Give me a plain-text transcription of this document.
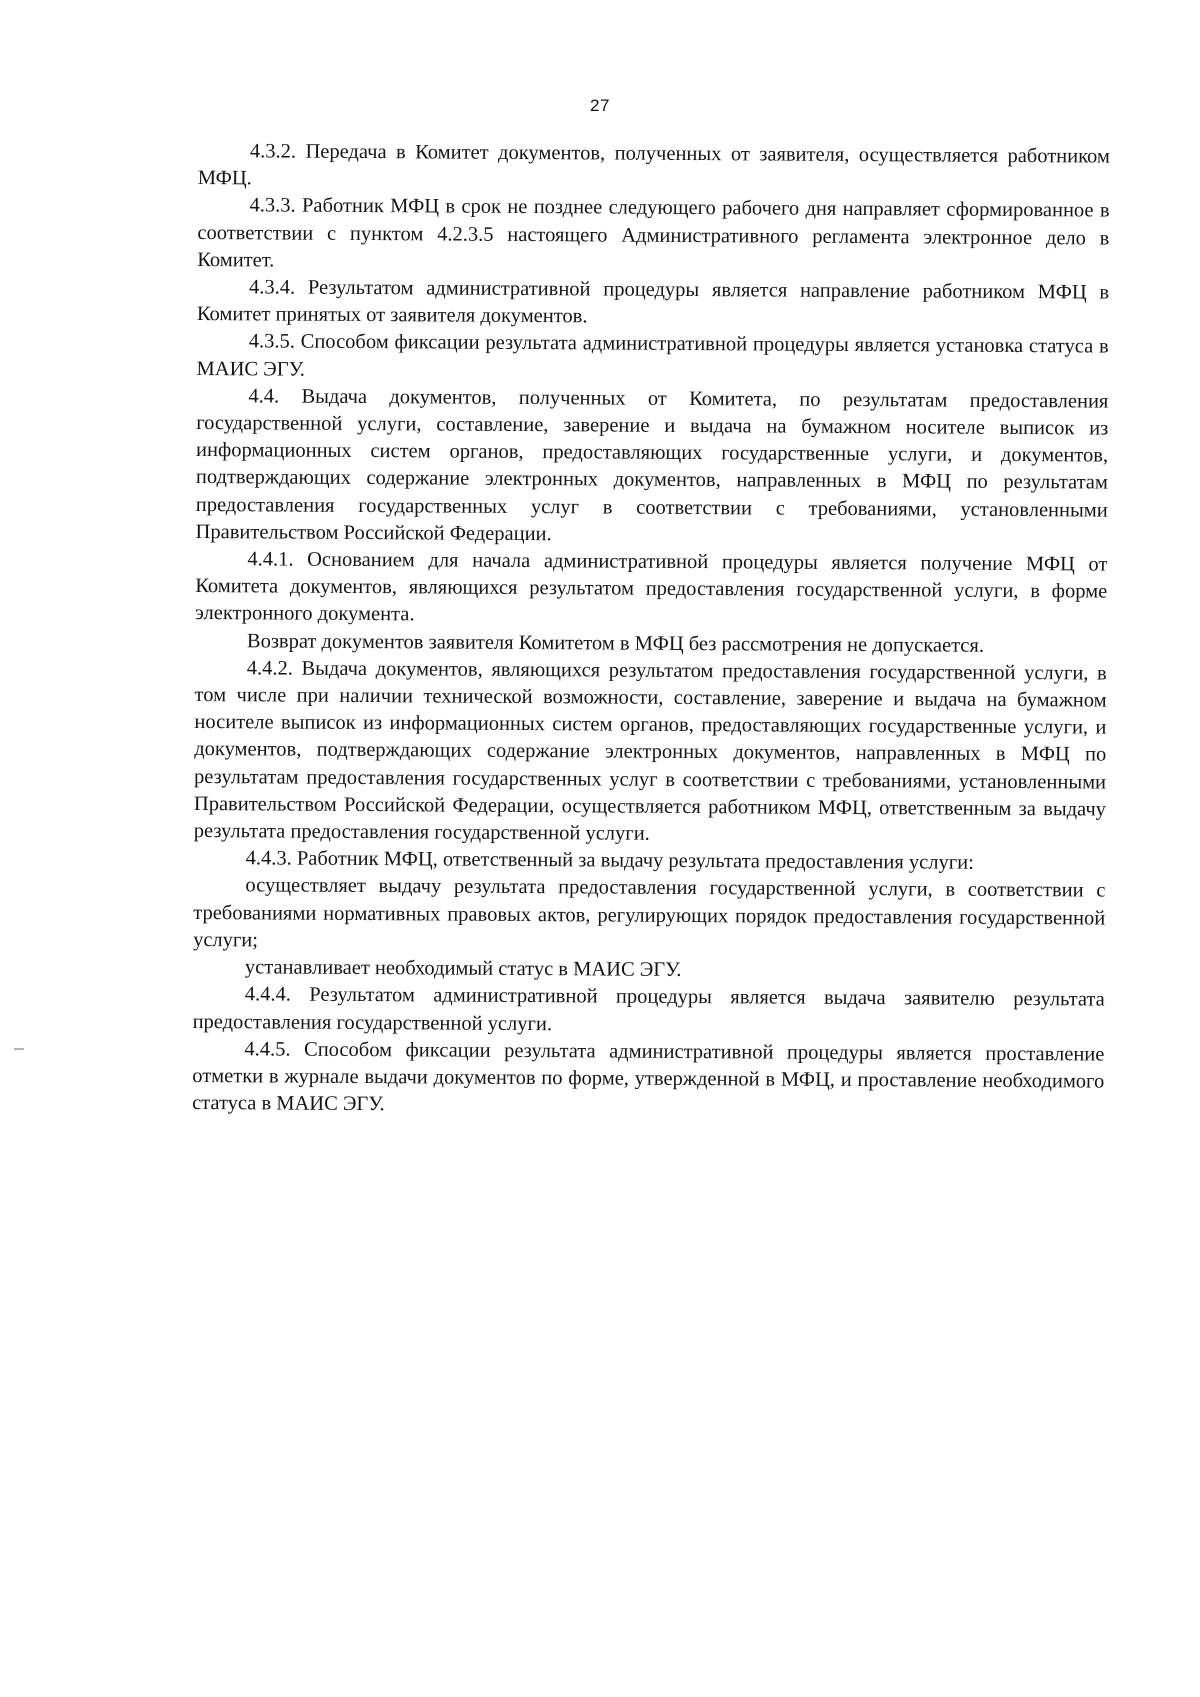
27

4.3.2. Передача в Комитет документов, полученных от заявителя, осуществляется работником МФЦ.

4.3.3. Работник МФЦ в срок не позднее следующего рабочего дня направляет сформированное в соответствии с пунктом 4.2.3.5 настоящего Административного регламента электронное дело в Комитет.

4.3.4. Результатом административной процедуры является направление работником МФЦ в Комитет принятых от заявителя документов.

4.3.5. Способом фиксации результата административной процедуры является установка статуса в МАИС ЭГУ.

4.4. Выдача документов, полученных от Комитета, по результатам предоставления государственной услуги, составление, заверение и выдача на бумажном носителе выписок из информационных систем органов, предоставляющих государственные услуги, и документов, подтверждающих содержание электронных документов, направленных в МФЦ по результатам предоставления государственных услуг в соответствии с требованиями, установленными Правительством Российской Федерации.

4.4.1. Основанием для начала административной процедуры является получение МФЦ от Комитета документов, являющихся результатом предоставления государственной услуги, в форме электронного документа.

Возврат документов заявителя Комитетом в МФЦ без рассмотрения не допускается.

4.4.2. Выдача документов, являющихся результатом предоставления государственной услуги, в том числе при наличии технической возможности, составление, заверение и выдача на бумажном носителе выписок из информационных систем органов, предоставляющих государственные услуги, и документов, подтверждающих содержание электронных документов, направленных в МФЦ по результатам предоставления государственных услуг в соответствии с требованиями, установленными Правительством Российской Федерации, осуществляется работником МФЦ, ответственным за выдачу результата предоставления государственной услуги.

4.4.3. Работник МФЦ, ответственный за выдачу результата предоставления услуги:

осуществляет выдачу результата предоставления государственной услуги, в соответствии с требованиями нормативных правовых актов, регулирующих порядок предоставления государственной услуги;

устанавливает необходимый статус в МАИС ЭГУ.

4.4.4. Результатом административной процедуры является выдача заявителю результата предоставления государственной услуги.

4.4.5. Способом фиксации результата административной процедуры является проставление отметки в журнале выдачи документов по форме, утвержденной в МФЦ, и проставление необходимого статуса в МАИС ЭГУ.
